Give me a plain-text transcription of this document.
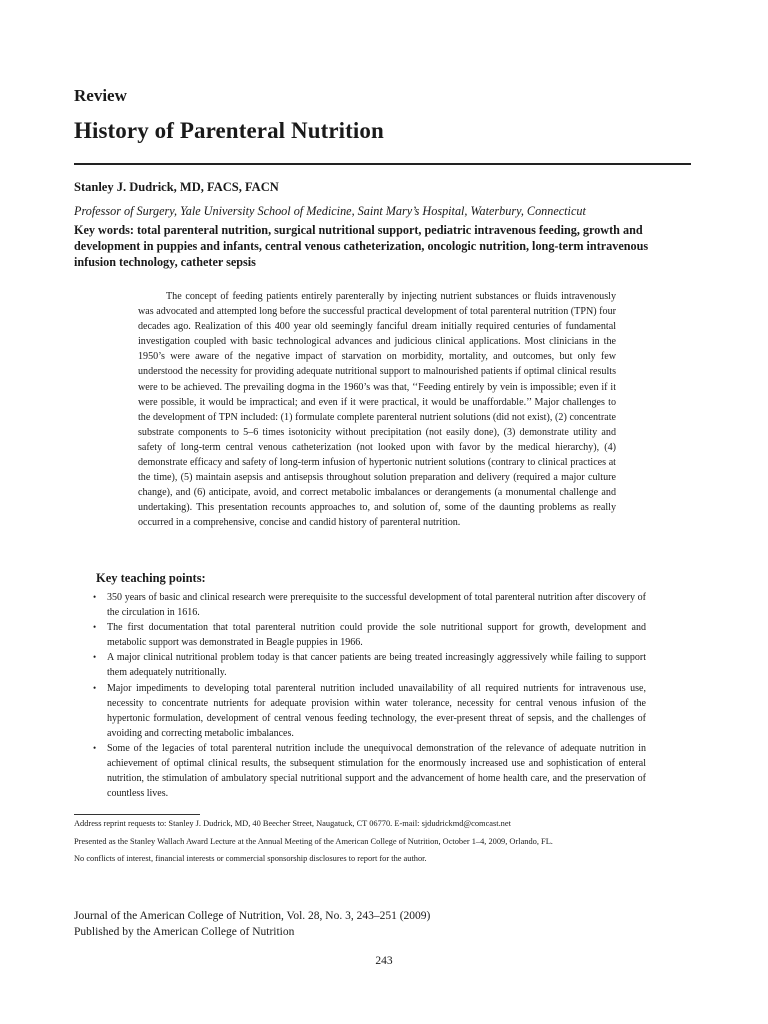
Review
History of Parenteral Nutrition
Stanley J. Dudrick, MD, FACS, FACN
Professor of Surgery, Yale University School of Medicine, Saint Mary’s Hospital, Waterbury, Connecticut
Key words: total parenteral nutrition, surgical nutritional support, pediatric intravenous feeding, growth and development in puppies and infants, central venous catheterization, oncologic nutrition, long-term intravenous infusion technology, catheter sepsis

The concept of feeding patients entirely parenterally by injecting nutrient substances or fluids intravenously was advocated and attempted long before the successful practical development of total parenteral nutrition (TPN) four decades ago. Realization of this 400 year old seemingly fanciful dream initially required centuries of fundamental investigation coupled with basic technological advances and judicious clinical applications. Most clinicians in the 1950’s were aware of the negative impact of starvation on morbidity, mortality, and outcomes, but only few understood the necessity for providing adequate nutritional support to malnourished patients if optimal clinical results were to be achieved. The prevailing dogma in the 1960’s was that, ‘‘Feeding entirely by vein is impossible; even if it were possible, it would be impractical; and even if it were practical, it would be unaffordable.’’ Major challenges to the development of TPN included: (1) formulate complete parenteral nutrient solutions (did not exist), (2) concentrate substrate components to 5–6 times isotonicity without precipitation (not easily done), (3) demonstrate utility and safety of long-term central venous catheterization (not looked upon with favor by the medical hierarchy), (4) demonstrate efficacy and safety of long-term infusion of hypertonic nutrient solutions (contrary to clinical practices at the time), (5) maintain asepsis and antisepsis throughout solution preparation and delivery (required a major culture change), and (6) anticipate, avoid, and correct metabolic imbalances or derangements (a monumental challenge and undertaking). This presentation recounts approaches to, and solution of, some of the daunting problems as really occurred in a comprehensive, concise and candid history of parenteral nutrition.

Key teaching points:
• 350 years of basic and clinical research were prerequisite to the successful development of total parenteral nutrition after discovery of the circulation in 1616.
• The first documentation that total parenteral nutrition could provide the sole nutritional support for growth, development and metabolic support was demonstrated in Beagle puppies in 1966.
• A major clinical nutritional problem today is that cancer patients are being treated increasingly aggressively while failing to support them adequately nutritionally.
• Major impediments to developing total parenteral nutrition included unavailability of all required nutrients for intravenous use, necessity to concentrate nutrients for adequate provision within water tolerance, necessity for central venous infusion of the hypertonic formulation, development of central venous feeding technology, the ever-present threat of sepsis, and the challenges of avoiding and correcting metabolic imbalances.
• Some of the legacies of total parenteral nutrition include the unequivocal demonstration of the relevance of adequate nutrition in achievement of optimal clinical results, the subsequent stimulation for the enormously increased use and sophistication of enteral nutrition, the stimulation of ambulatory special nutritional support and the advancement of home health care, and the preservation of countless lives.
Address reprint requests to: Stanley J. Dudrick, MD, 40 Beecher Street, Naugatuck, CT 06770. E-mail: sjdudrickmd@comcast.net
Presented as the Stanley Wallach Award Lecture at the Annual Meeting of the American College of Nutrition, October 1–4, 2009, Orlando, FL.
No conflicts of interest, financial interests or commercial sponsorship disclosures to report for the author.
Journal of the American College of Nutrition, Vol. 28, No. 3, 243–251 (2009)
Published by the American College of Nutrition
243
